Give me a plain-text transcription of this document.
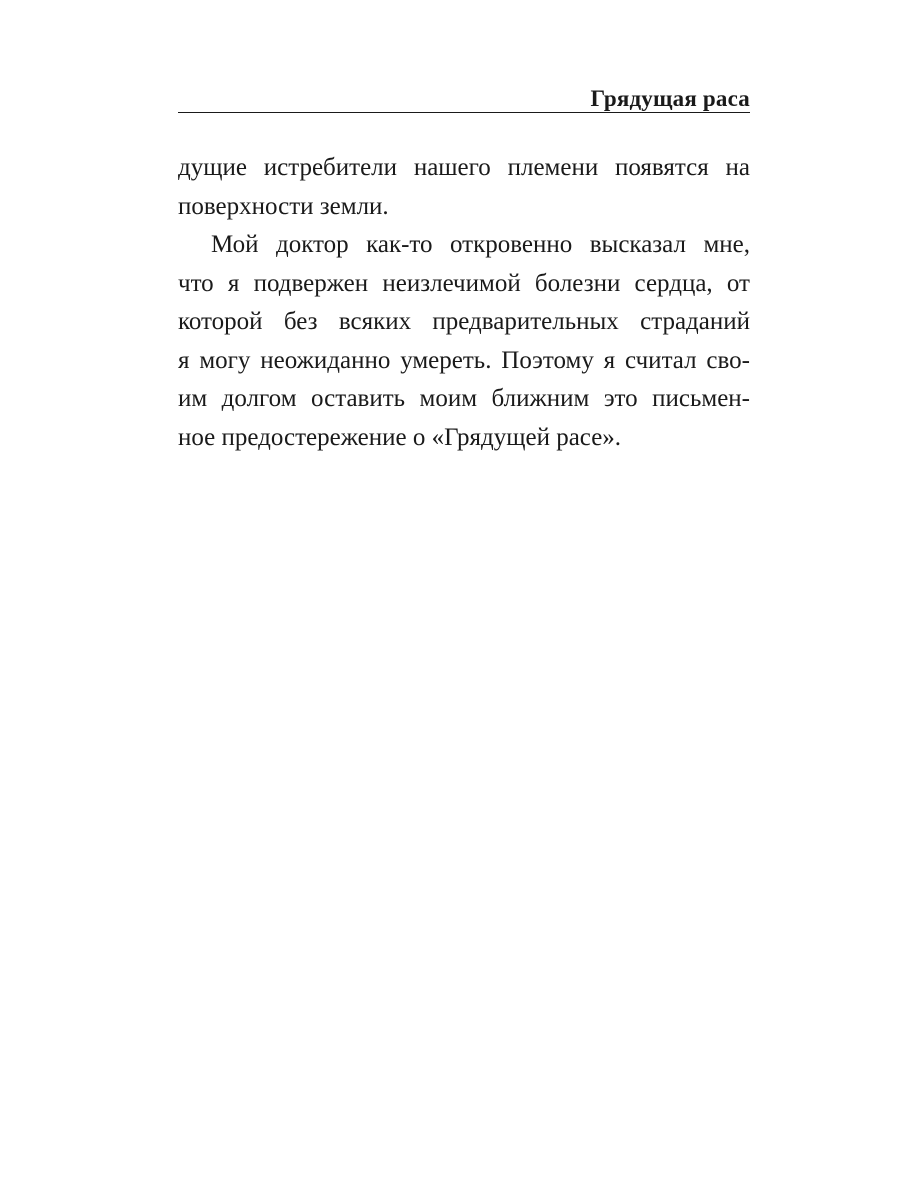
Грядущая раса
дущие истребители нашего племени появятся на
поверхности земли.
Мой доктор как-то откровенно высказал мне,
что я подвержен неизлечимой болезни сердца, от
которой без всяких предварительных страданий
я могу неожиданно умереть. Поэтому я считал сво-
им долгом оставить моим ближним это письмен-
ное предостережение о «Грядущей расе».
